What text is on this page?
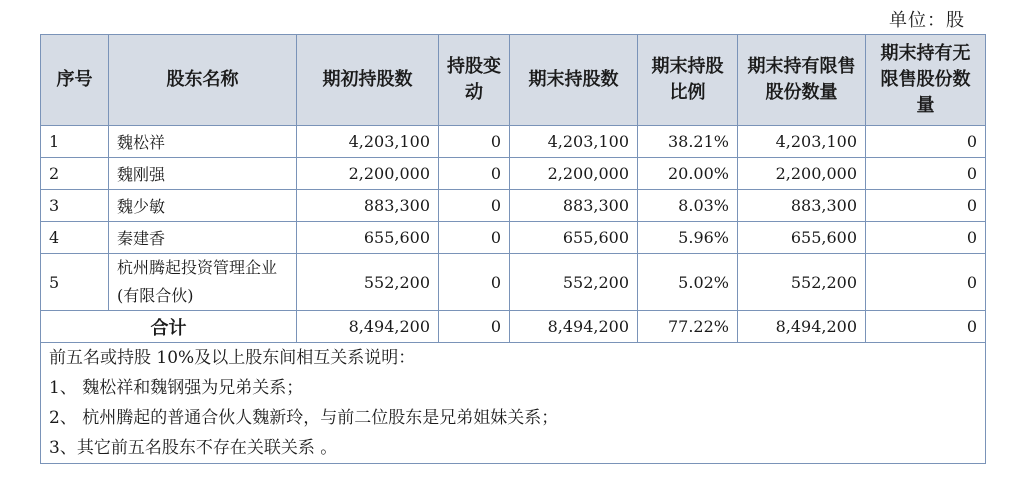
单位：股
序号	股东名称	期初持股数	持股变动	期末持股数	期末持股比例	期末持有限售股份数量	期末持有无限售股份数量
1	魏松祥	4,203,100	0	4,203,100	38.21%	4,203,100	0
2	魏刚强	2,200,000	0	2,200,000	20.00%	2,200,000	0
3	魏少敏	883,300	0	883,300	8.03%	883,300	0
4	秦建香	655,600	0	655,600	5.96%	655,600	0
5	杭州腾起投资管理企业(有限合伙)	552,200	0	552,200	5.02%	552,200	0
合计		8,494,200	0	8,494,200	77.22%	8,494,200	0

前五名或持股 10%及以上股东间相互关系说明：
1、 魏松祥和魏钢强为兄弟关系；
2、 杭州腾起的普通合伙人魏新玲，与前二位股东是兄弟姐妹关系；
3、其它前五名股东不存在关联关系 。							
